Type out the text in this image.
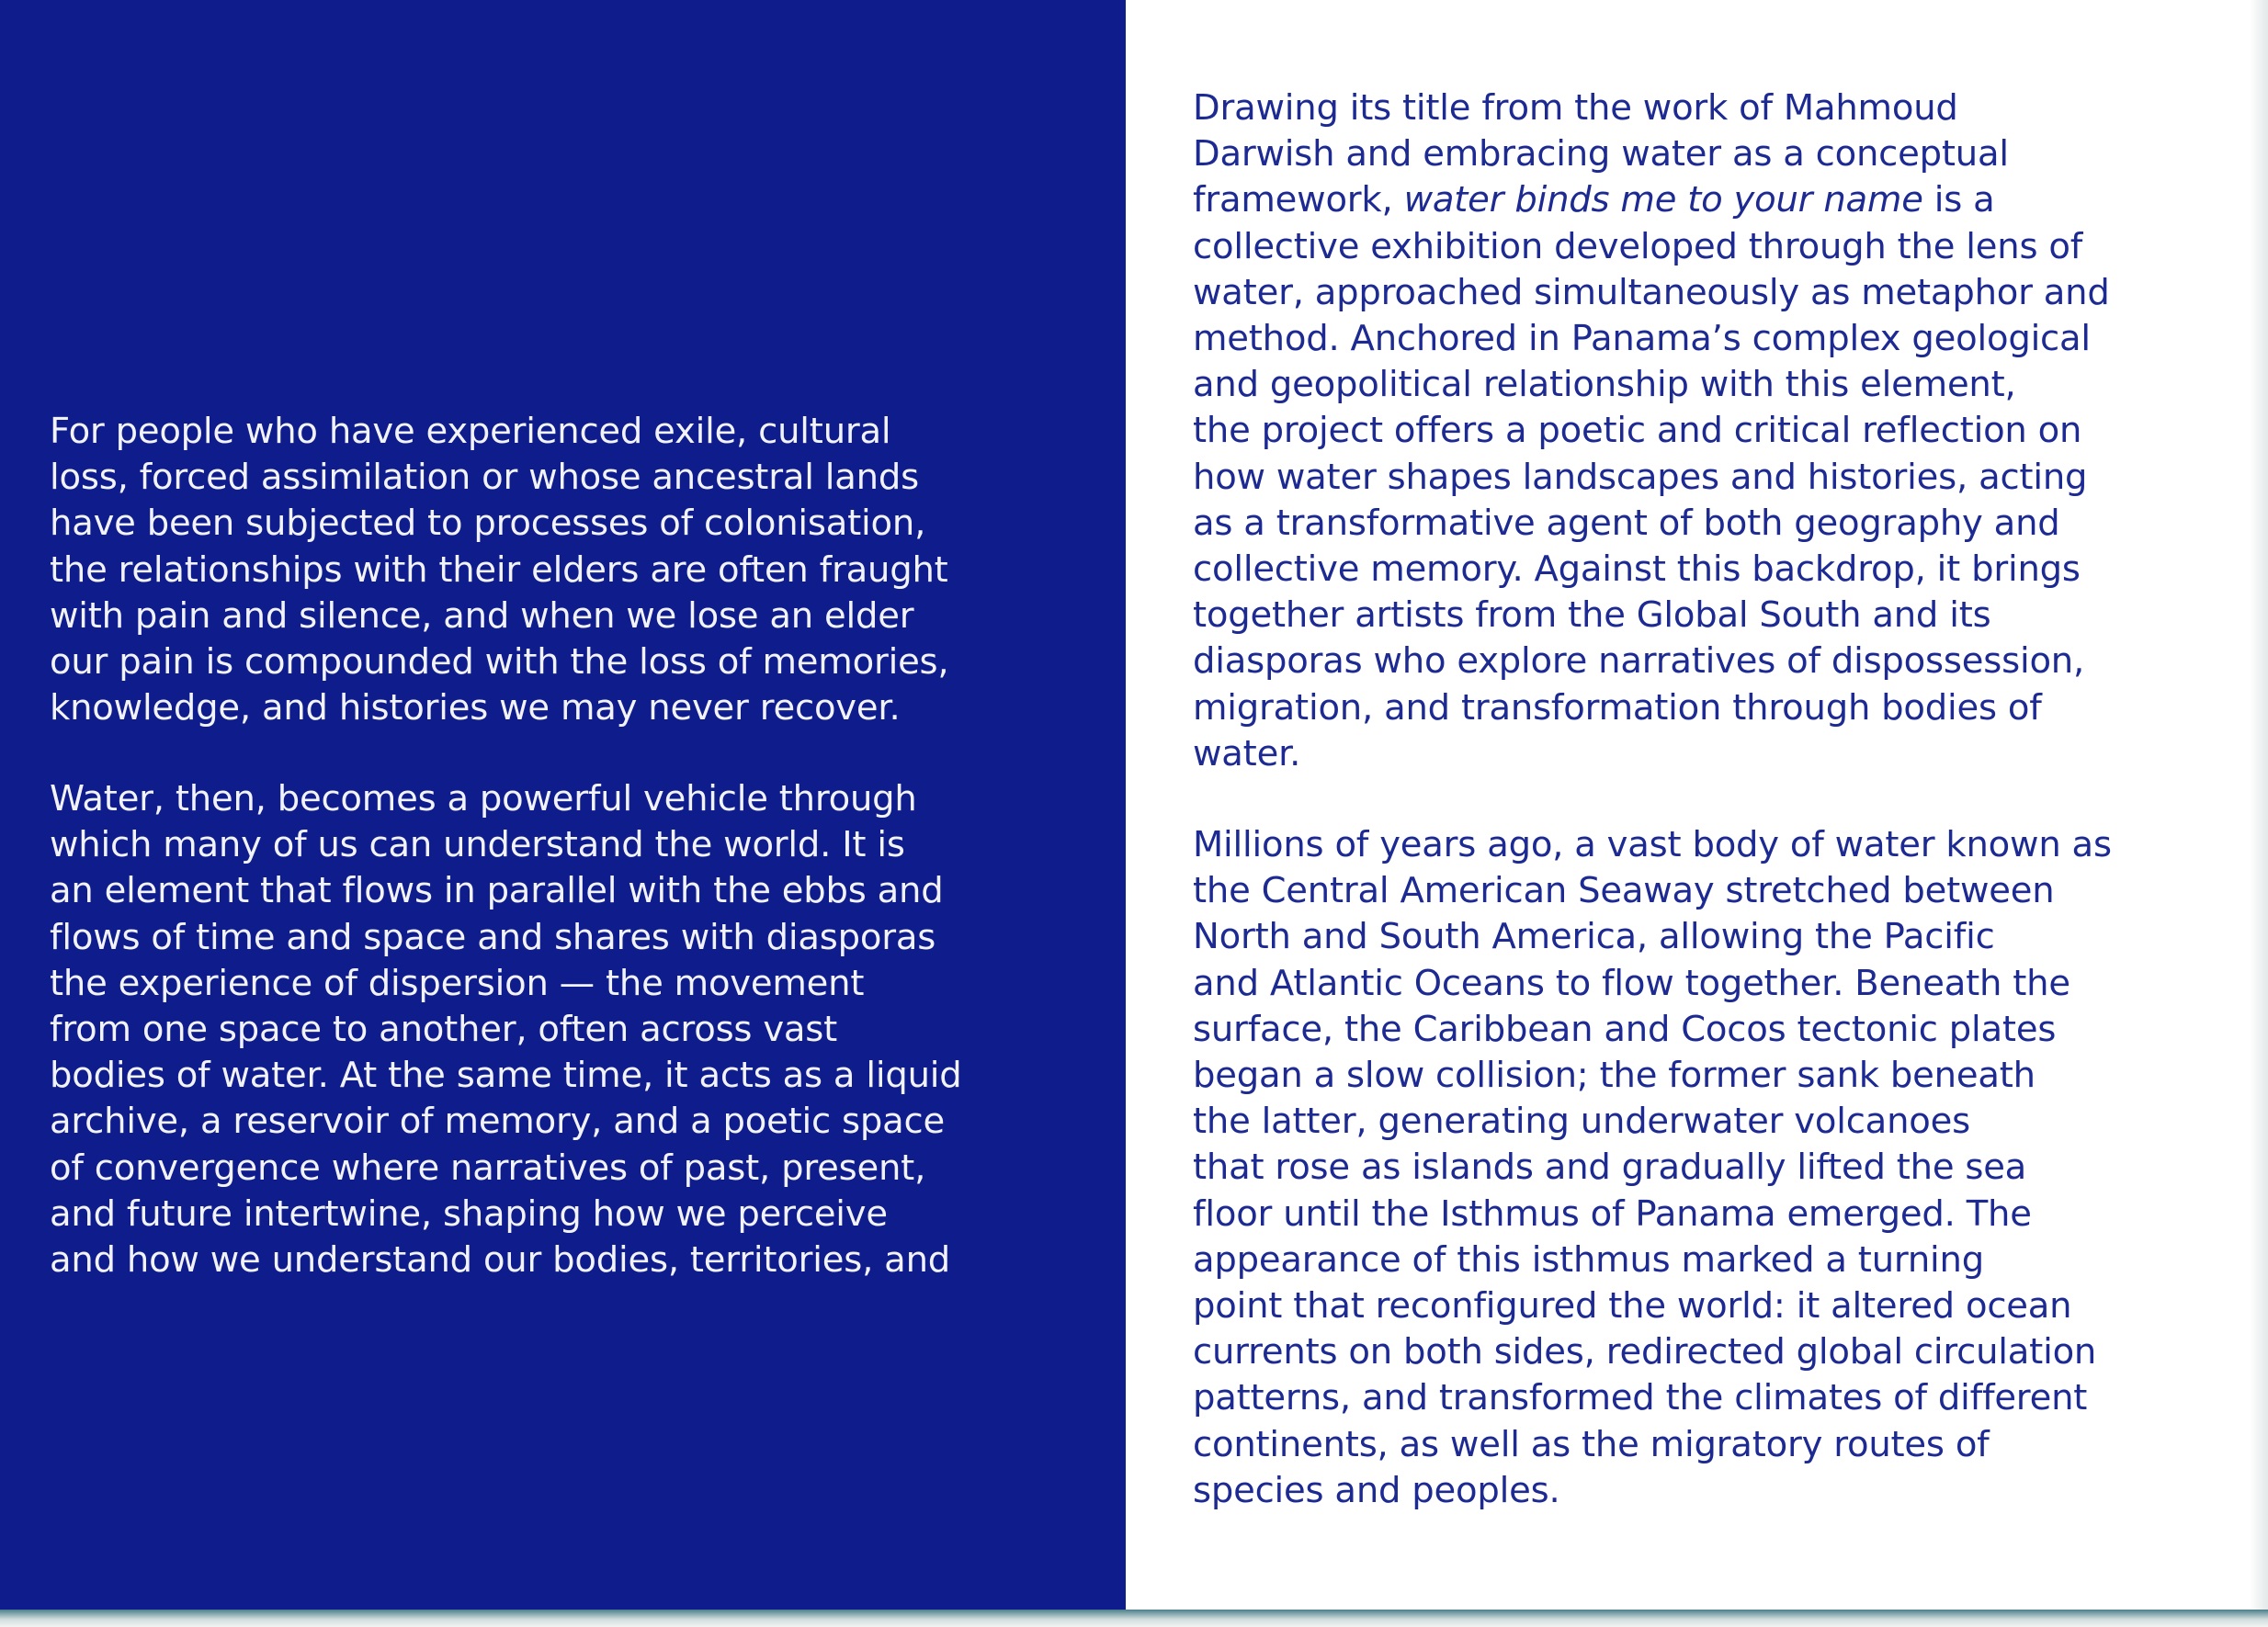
For people who have experienced exile, cultural

loss, forced assimilation or whose ancestral lands

have been subjected to processes of colonisation,

the relationships with their elders are often fraught

with pain and silence, and when we lose an elder

our pain is compounded with the loss of memories,

knowledge, and histories we may never recover.

Water, then, becomes a powerful vehicle through

which many of us can understand the world. It is

an element that flows in parallel with the ebbs and

flows of time and space and shares with diasporas

the experience of dispersion — the movement

from one space to another, often across vast

bodies of water. At the same time, it acts as a liquid

archive, a reservoir of memory, and a poetic space

of convergence where narratives of past, present,

and future intertwine, shaping how we perceive

and how we understand our bodies, territories, and

Drawing its title from the work of Mahmoud

Darwish and embracing water as a conceptual

framework, water binds me to your name is a

collective exhibition developed through the lens of

water, approached simultaneously as metaphor and

method. Anchored in Panama’s complex geological

and geopolitical relationship with this element,

the project offers a poetic and critical reflection on

how water shapes landscapes and histories, acting

as a transformative agent of both geography and

collective memory. Against this backdrop, it brings

together artists from the Global South and its

diasporas who explore narratives of dispossession,

migration, and transformation through bodies of

water.

Millions of years ago, a vast body of water known as

the Central American Seaway stretched between

North and South America, allowing the Pacific

and Atlantic Oceans to flow together. Beneath the

surface, the Caribbean and Cocos tectonic plates

began a slow collision; the former sank beneath

the latter, generating underwater volcanoes

that rose as islands and gradually lifted the sea

floor until the Isthmus of Panama emerged. The

appearance of this isthmus marked a turning

point that reconfigured the world: it altered ocean

currents on both sides, redirected global circulation

patterns, and transformed the climates of different

continents, as well as the migratory routes of

species and peoples.
